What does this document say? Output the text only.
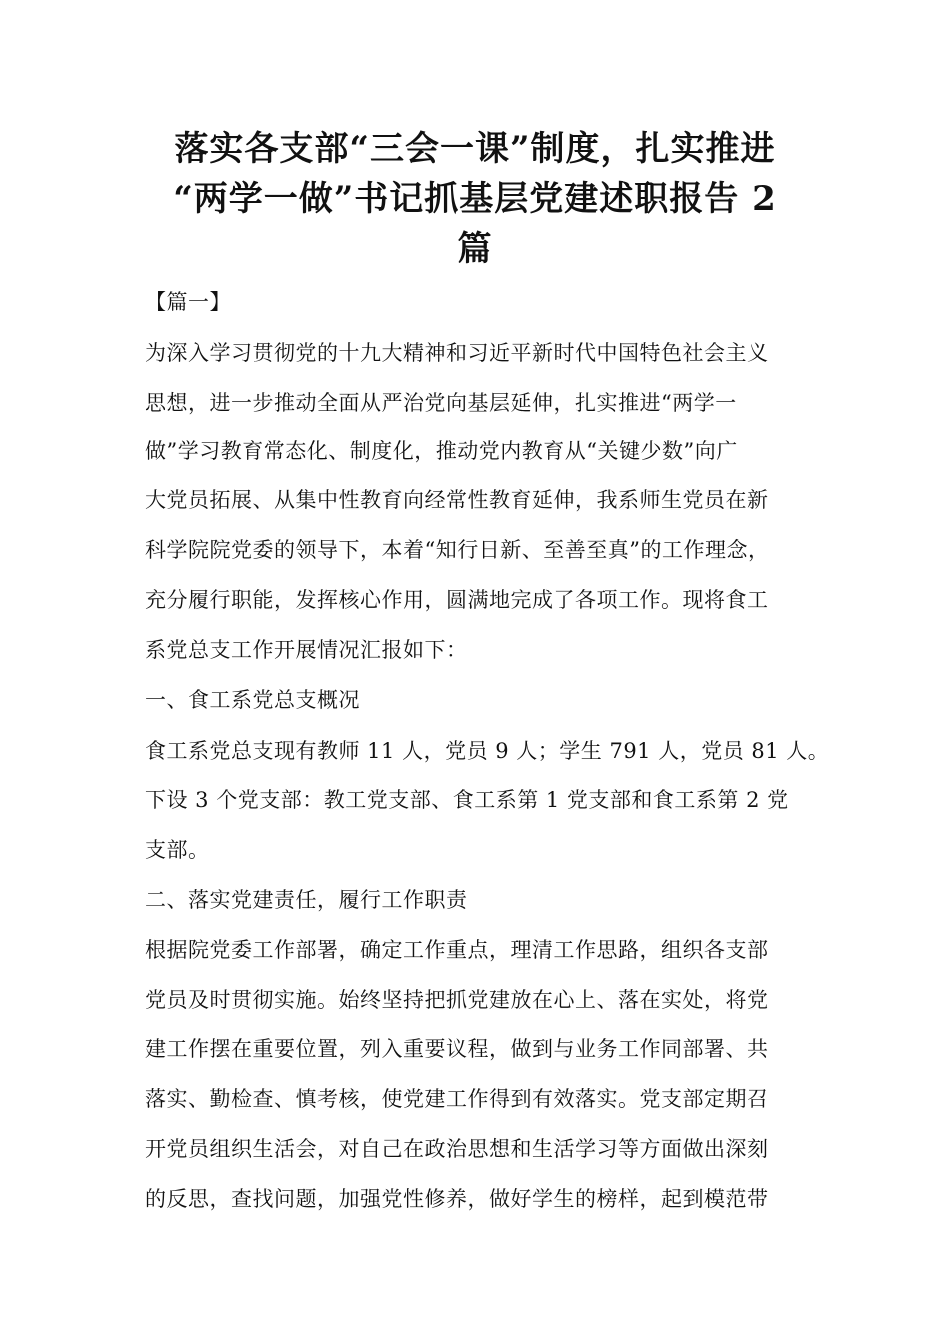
落实各支部“三会一课”制度，扎实推进
“两学一做”书记抓基层党建述职报告 2
篇
【篇一】
为深入学习贯彻党的十九大精神和习近平新时代中国特色社会主义
思想，进一步推动全面从严治党向基层延伸，扎实推进“两学一
做”学习教育常态化、制度化，推动党内教育从“关键少数”向广
大党员拓展、从集中性教育向经常性教育延伸，我系师生党员在新
科学院院党委的领导下，本着“知行日新、至善至真”的工作理念，
充分履行职能，发挥核心作用，圆满地完成了各项工作。现将食工
系党总支工作开展情况汇报如下：
一、食工系党总支概况
食工系党总支现有教师 11 人，党员 9 人；学生 791 人，党员 81 人。
下设 3 个党支部：教工党支部、食工系第 1 党支部和食工系第 2 党
支部。
二、落实党建责任，履行工作职责
根据院党委工作部署，确定工作重点，理清工作思路，组织各支部
党员及时贯彻实施。始终坚持把抓党建放在心上、落在实处，将党
建工作摆在重要位置，列入重要议程，做到与业务工作同部署、共
落实、勤检查、慎考核，使党建工作得到有效落实。党支部定期召
开党员组织生活会，对自己在政治思想和生活学习等方面做出深刻
的反思，查找问题，加强党性修养，做好学生的榜样，起到模范带
